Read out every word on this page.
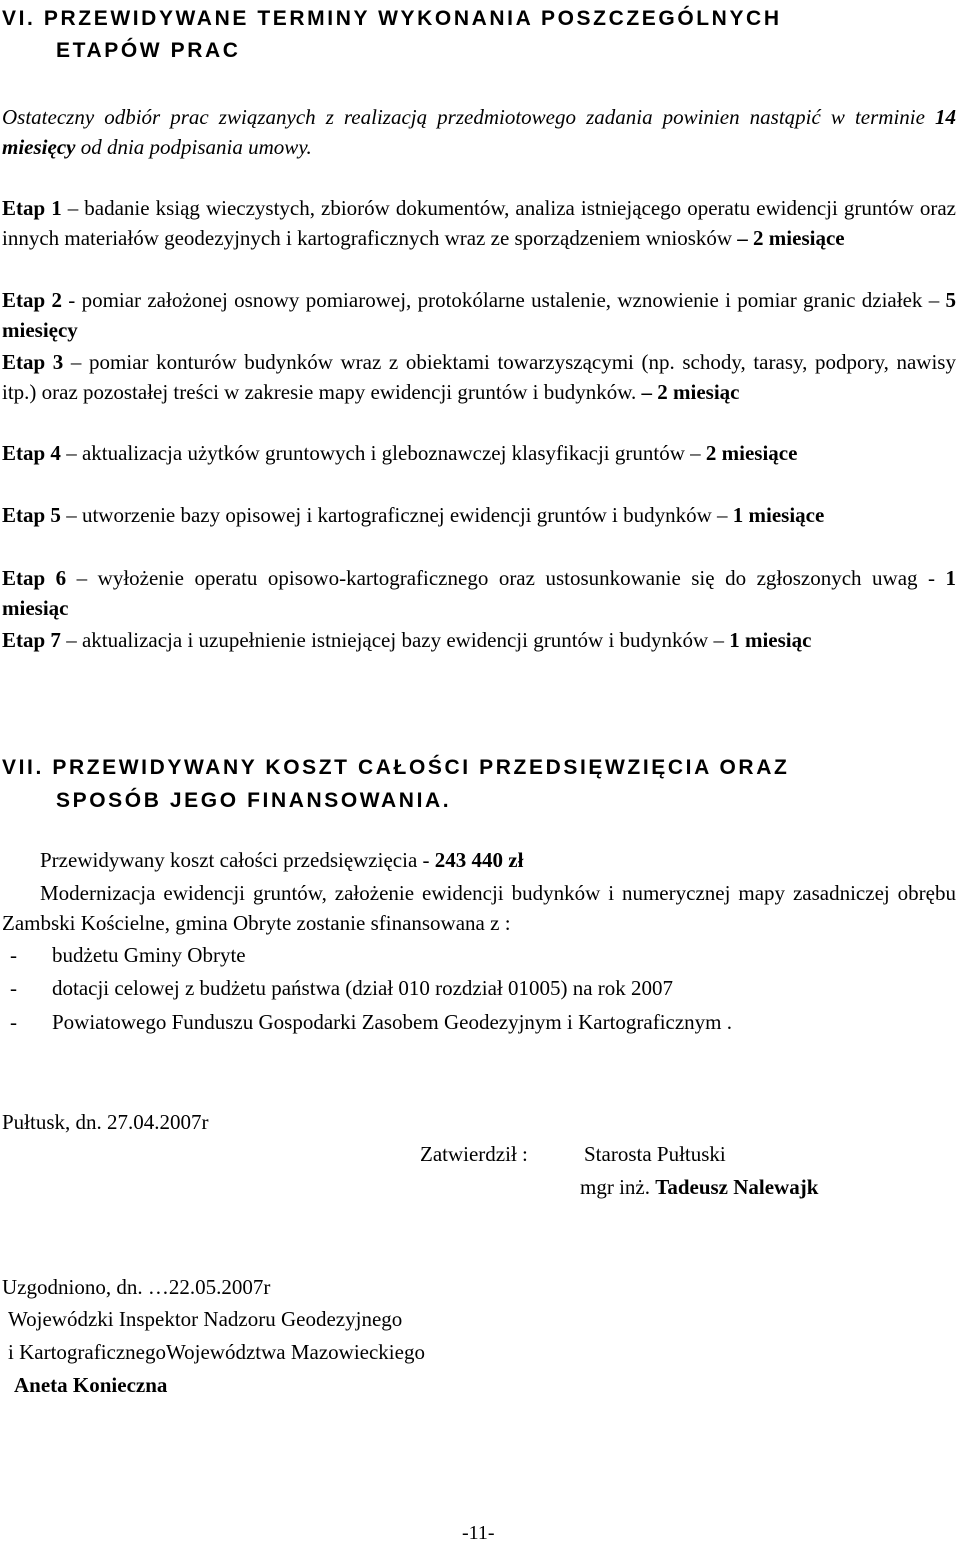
VI. PRZEWIDYWANE TERMINY WYKONANIA POSZCZEGÓLNYCH
ETAPÓW PRAC

Ostateczny odbiór prac związanych z realizacją przedmiotowego zadania powinien nastąpić w terminie 14 miesięcy od dnia podpisania umowy.

Etap 1 – badanie ksiąg wieczystych, zbiorów dokumentów, analiza istniejącego operatu ewidencji gruntów oraz innych materiałów geodezyjnych i kartograficznych wraz ze sporządzeniem wniosków – 2 miesiące

Etap 2 - pomiar założonej osnowy pomiarowej, protokólarne ustalenie, wznowienie i pomiar granic działek – 5 miesięcy

Etap 3 – pomiar konturów budynków wraz z obiektami towarzyszącymi (np. schody, tarasy, podpory, nawisy itp.) oraz pozostałej treści w zakresie mapy ewidencji gruntów i budynków. – 2 miesiąc

Etap 4 – aktualizacja użytków gruntowych i gleboznawczej klasyfikacji gruntów – 2 miesiące

Etap 5 – utworzenie bazy opisowej i kartograficznej ewidencji gruntów i budynków – 1 miesiące

Etap 6 – wyłożenie operatu opisowo-kartograficznego oraz ustosunkowanie się do zgłoszonych uwag - 1 miesiąc

Etap 7 – aktualizacja i uzupełnienie istniejącej bazy ewidencji gruntów i budynków – 1 miesiąc

VII. PRZEWIDYWANY KOSZT CAŁOŚCI PRZEDSIĘWZIĘCIA ORAZ
SPOSÓB JEGO FINANSOWANIA.
Przewidywany koszt całości przedsięwzięcia - 243 440 zł

Modernizacja ewidencji gruntów, założenie ewidencji budynków i numerycznej mapy zasadniczej obrębu Zambski Kościelne, gmina Obryte zostanie sfinansowana z :

- budżetu Gminy Obryte
- dotacji celowej z budżetu państwa (dział 010 rozdział 01005) na rok 2007
- Powiatowego Funduszu Gospodarki Zasobem Geodezyjnym i Kartograficznym .
Pułtusk, dn. 27.04.2007r
Zatwierdził :	Starosta Pułtuski
mgr inż. Tadeusz Nalewajk
Uzgodniono, dn. …22.05.2007r
Wojewódzki Inspektor Nadzoru Geodezyjnego
i KartograficznegoWojewództwa Mazowieckiego
Aneta Konieczna
-11-
